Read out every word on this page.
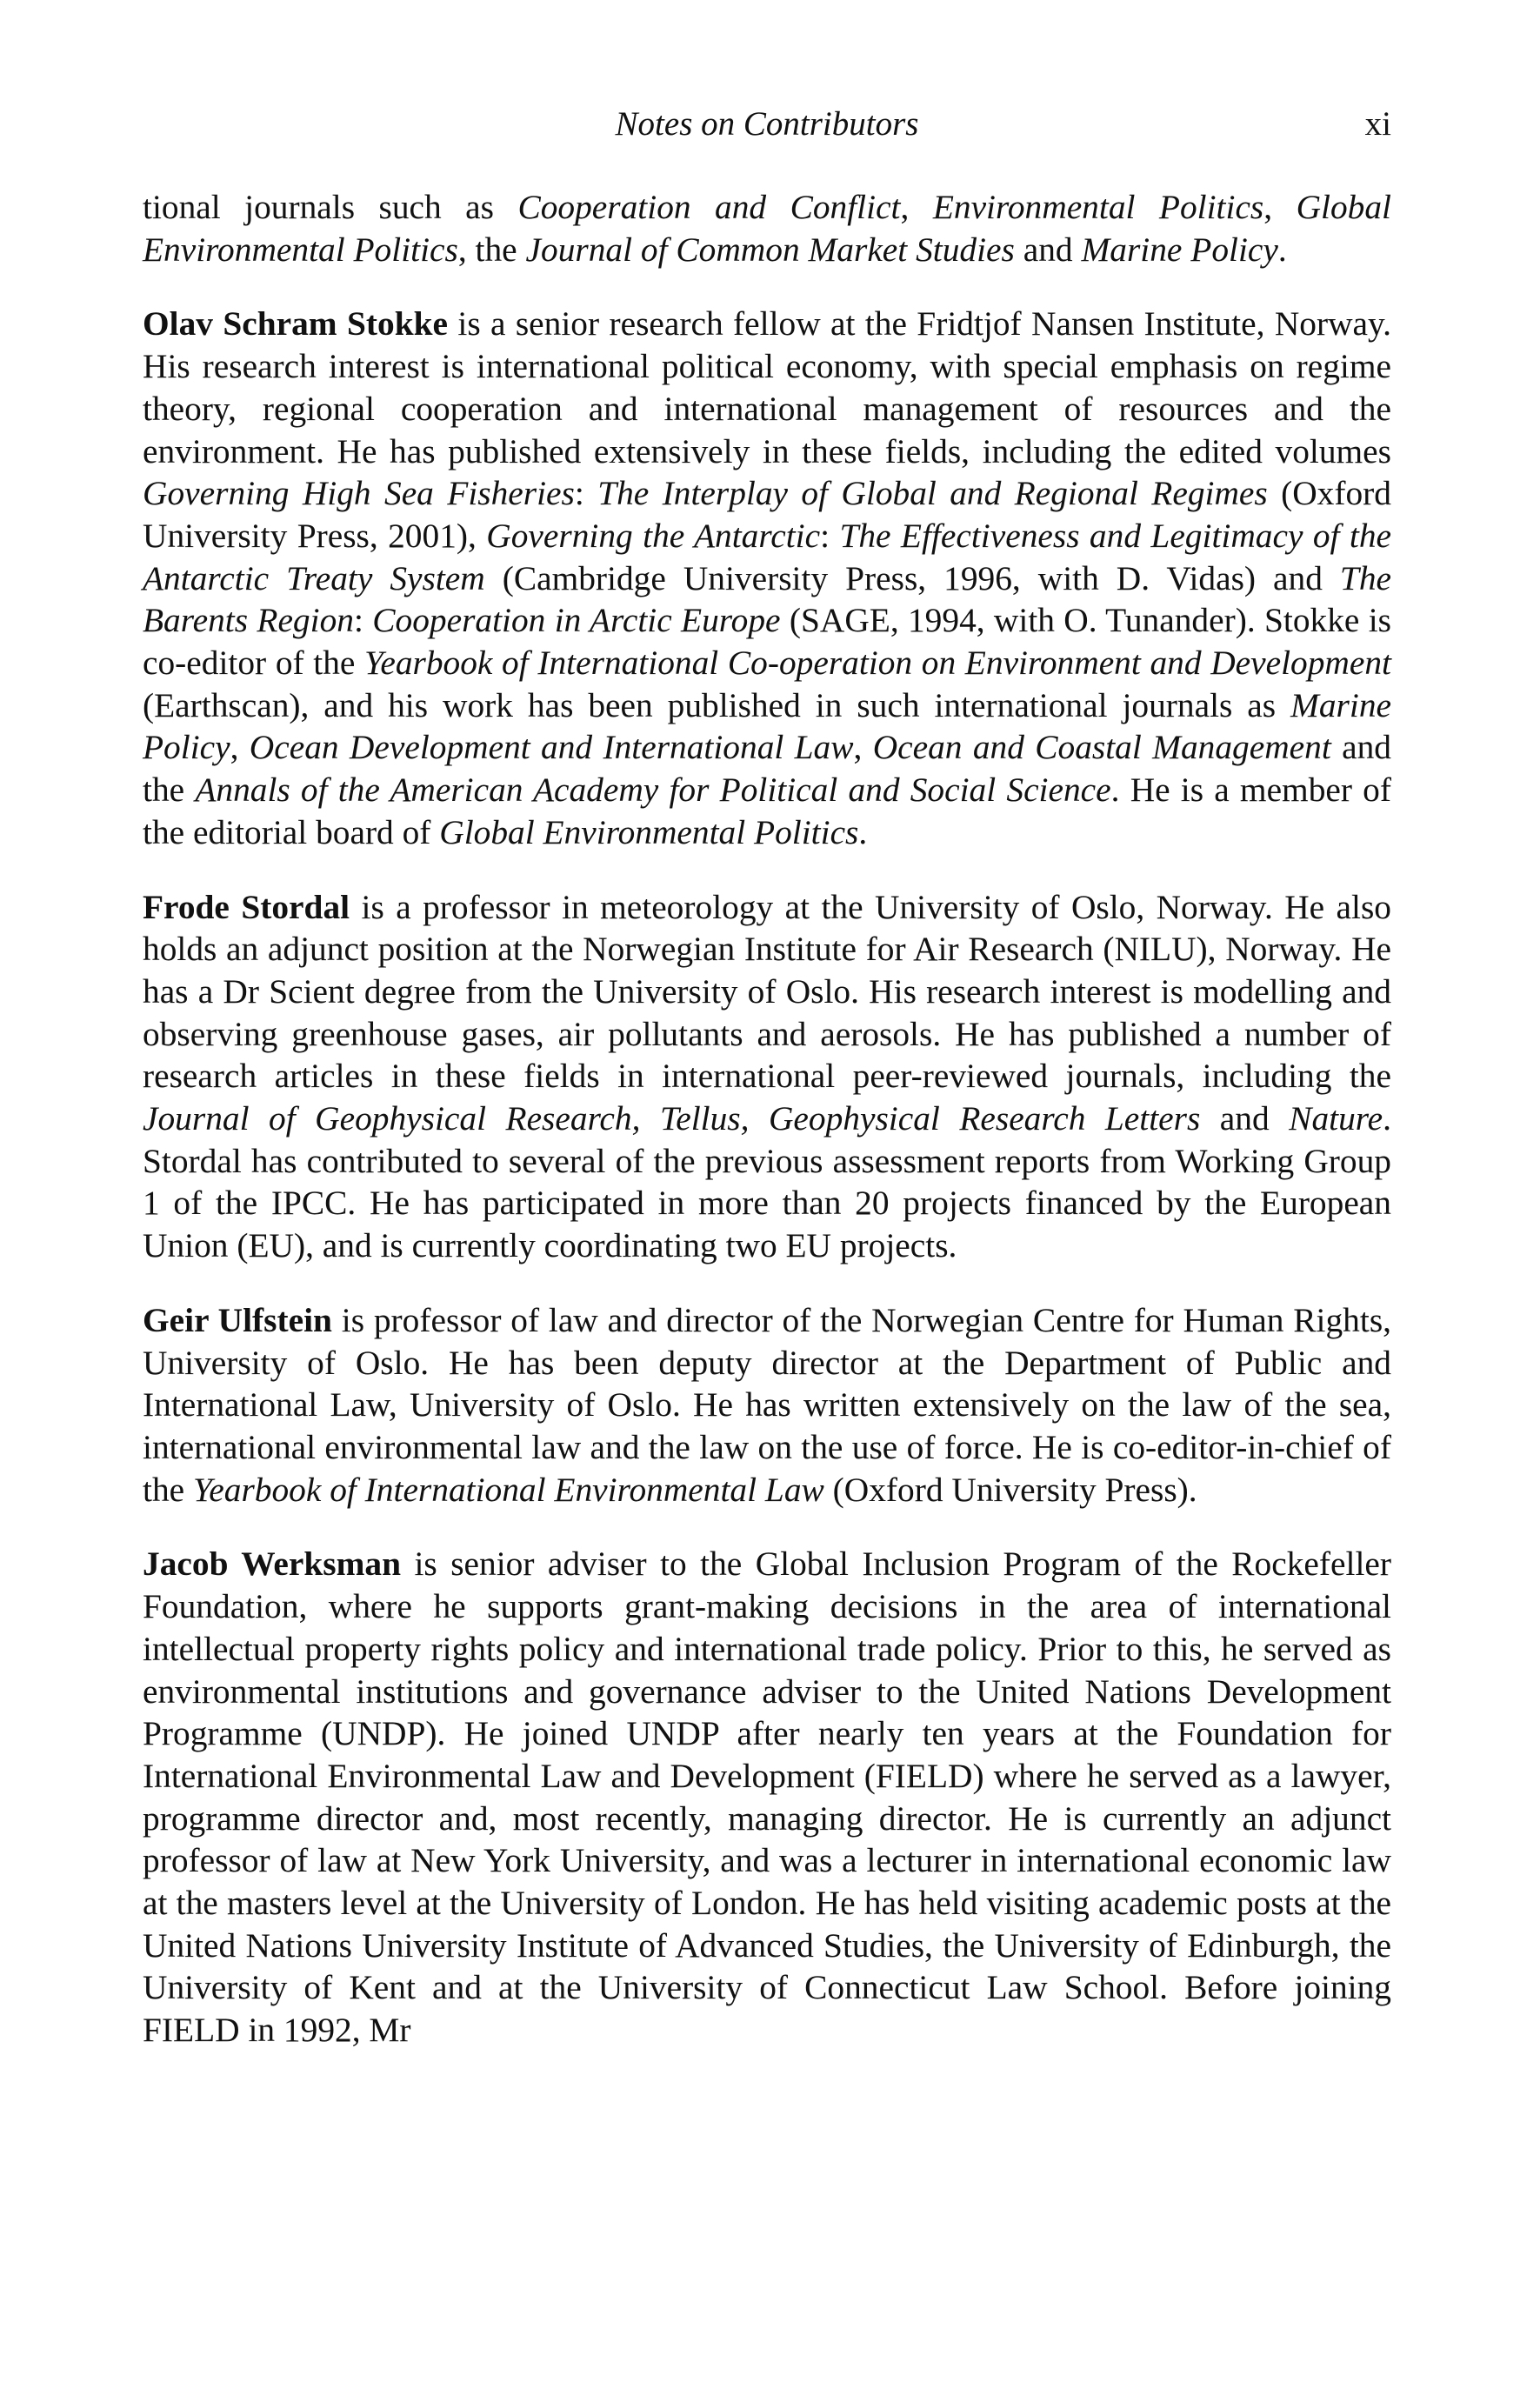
Notes on Contributors	xi

tional journals such as Cooperation and Conflict, Environmental Politics, Global Environmental Politics, the Journal of Common Market Studies and Marine Policy.

Olav Schram Stokke is a senior research fellow at the Fridtjof Nansen Institute, Norway. His research interest is international political economy, with special emphasis on regime theory, regional cooperation and international management of resources and the environment. He has published extensively in these fields, including the edited volumes Governing High Sea Fisheries: The Interplay of Global and Regional Regimes (Oxford University Press, 2001), Governing the Antarctic: The Effectiveness and Legitimacy of the Antarctic Treaty System (Cambridge University Press, 1996, with D. Vidas) and The Barents Region: Cooperation in Arctic Europe (SAGE, 1994, with O. Tunander). Stokke is co-editor of the Yearbook of International Co-operation on Environment and Development (Earthscan), and his work has been published in such international journals as Marine Policy, Ocean Development and International Law, Ocean and Coastal Management and the Annals of the American Academy for Political and Social Science. He is a member of the editorial board of Global Environmental Politics.

Frode Stordal is a professor in meteorology at the University of Oslo, Norway. He also holds an adjunct position at the Norwegian Institute for Air Research (NILU), Norway. He has a Dr Scient degree from the University of Oslo. His research interest is modelling and observing greenhouse gases, air pollutants and aerosols. He has published a number of research articles in these fields in international peer-reviewed journals, including the Journal of Geophysical Research, Tellus, Geophysical Research Letters and Nature. Stordal has contributed to several of the previous assessment reports from Working Group 1 of the IPCC. He has participated in more than 20 projects financed by the European Union (EU), and is currently coordinating two EU projects.

Geir Ulfstein is professor of law and director of the Norwegian Centre for Human Rights, University of Oslo. He has been deputy director at the Department of Public and International Law, University of Oslo. He has written extensively on the law of the sea, international environmental law and the law on the use of force. He is co-editor-in-chief of the Yearbook of International Environmental Law (Oxford University Press).

Jacob Werksman is senior adviser to the Global Inclusion Program of the Rockefeller Foundation, where he supports grant-making decisions in the area of international intellectual property rights policy and international trade policy. Prior to this, he served as environmental institutions and governance adviser to the United Nations Development Programme (UNDP). He joined UNDP after nearly ten years at the Foundation for International Environmental Law and Development (FIELD) where he served as a lawyer, programme director and, most recently, managing director. He is currently an adjunct professor of law at New York University, and was a lecturer in international economic law at the masters level at the University of London. He has held visiting academic posts at the United Nations University Institute of Advanced Studies, the University of Edinburgh, the University of Kent and at the University of Connecticut Law School. Before joining FIELD in 1992, Mr
